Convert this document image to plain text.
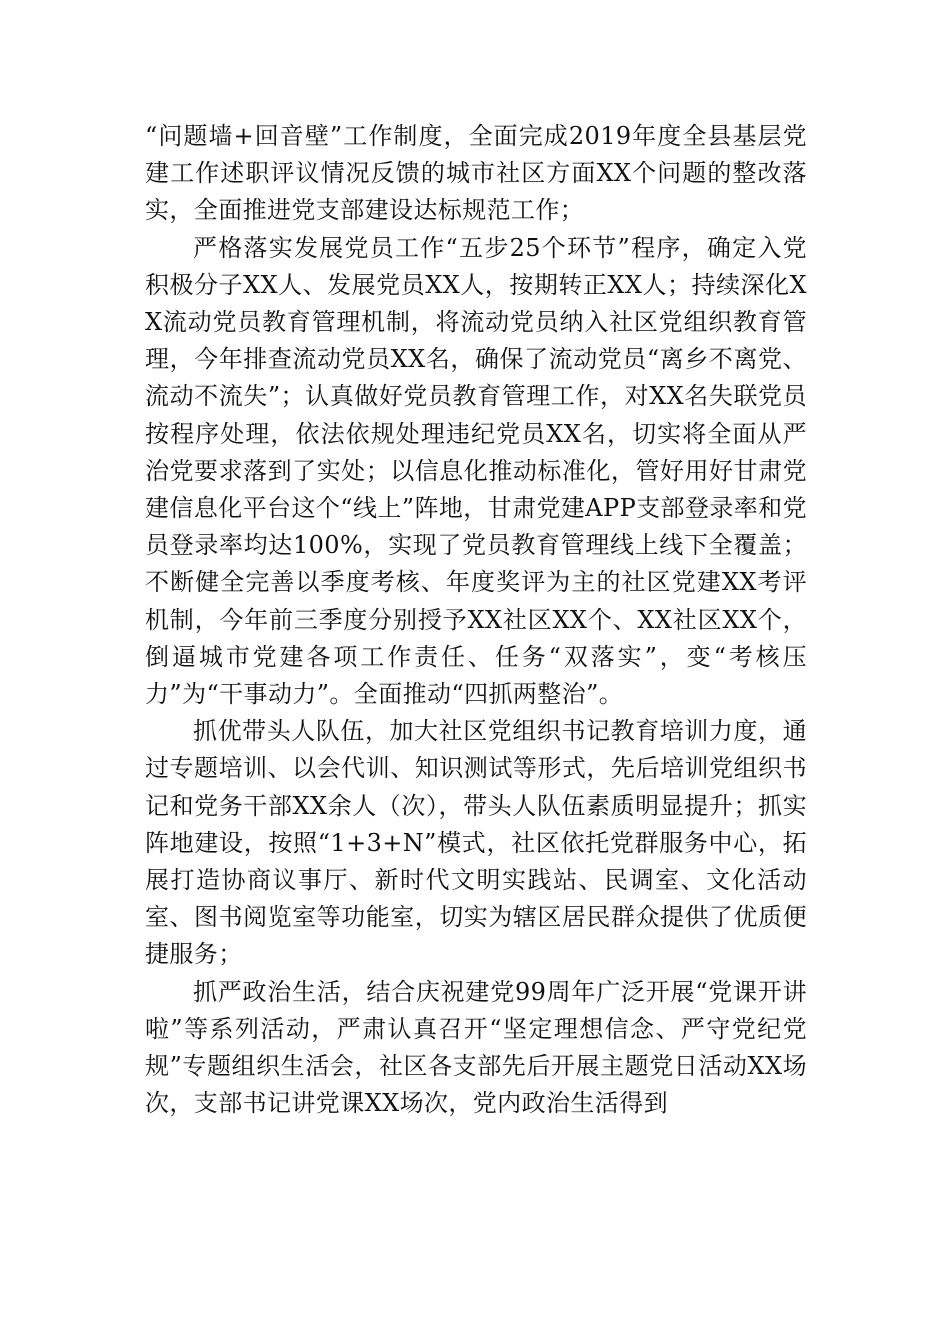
“问题墙+回音壁”工作制度，全面完成2019年度全县基层党建工作述职评议情况反馈的城市社区方面XX个问题的整改落实，全面推进党支部建设达标规范工作；

严格落实发展党员工作“五步25个环节”程序，确定入党积极分子XX人、发展党员XX人，按期转正XX人；持续深化XX流动党员教育管理机制，将流动党员纳入社区党组织教育管理，今年排查流动党员XX名，确保了流动党员“离乡不离党、流动不流失”；认真做好党员教育管理工作，对XX名失联党员按程序处理，依法依规处理违纪党员XX名，切实将全面从严治党要求落到了实处；以信息化推动标准化，管好用好甘肃党建信息化平台这个“线上”阵地，甘肃党建APP支部登录率和党员登录率均达100%，实现了党员教育管理线上线下全覆盖；不断健全完善以季度考核、年度奖评为主的社区党建XX考评机制，今年前三季度分别授予XX社区XX个、XX社区XX个，倒逼城市党建各项工作责任、任务“双落实”，变“考核压力”为“干事动力”。全面推动“四抓两整治”。

抓优带头人队伍，加大社区党组织书记教育培训力度，通过专题培训、以会代训、知识测试等形式，先后培训党组织书记和党务干部XX余人（次），带头人队伍素质明显提升；抓实阵地建设，按照“1+3+N”模式，社区依托党群服务中心，拓展打造协商议事厅、新时代文明实践站、民调室、文化活动室、图书阅览室等功能室，切实为辖区居民群众提供了优质便捷服务；

抓严政治生活，结合庆祝建党99周年广泛开展“党课开讲啦”等系列活动，严肃认真召开“坚定理想信念、严守党纪党规”专题组织生活会，社区各支部先后开展主题党日活动XX场次，支部书记讲党课XX场次，党内政治生活得到
